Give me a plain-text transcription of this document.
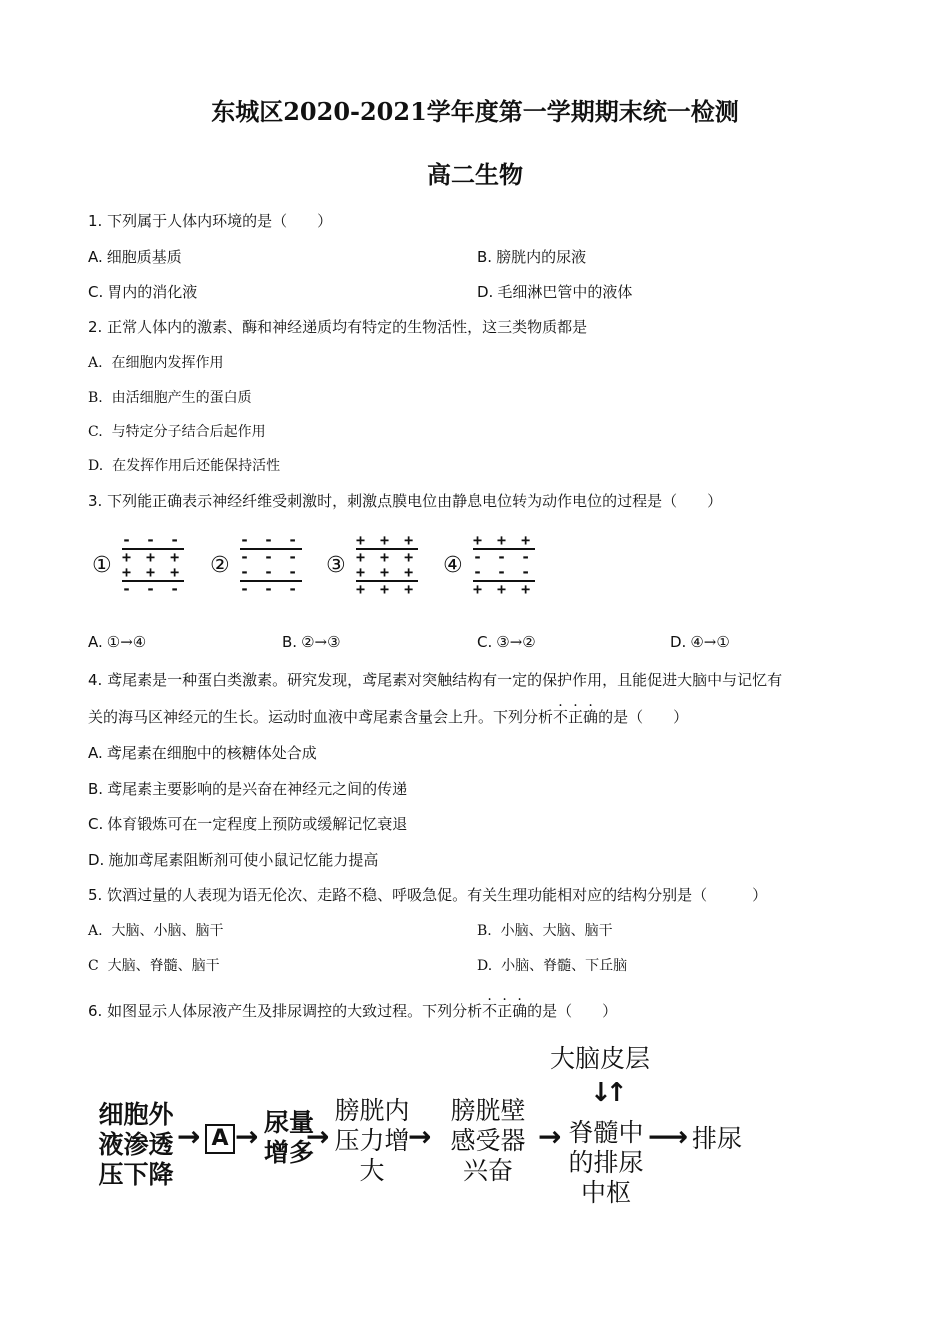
东城区2020-2021学年度第一学期期末统一检测
高二生物
1. 下列属于人体内环境的是（　　）
A. 细胞质基质	B. 膀胱内的尿液
C. 胃内的消化液	D. 毛细淋巴管中的液体
2. 正常人体内的激素、酶和神经递质均有特定的生物活性，这三类物质都是
A. 在细胞内发挥作用
B. 由活细胞产生的蛋白质
C. 与特定分子结合后起作用
D. 在发挥作用后还能保持活性
3. 下列能正确表示神经纤维受刺激时，刺激点膜电位由静息电位转为动作电位的过程是（　　）
①
- - -
+ + +
+ + +
- - -
②
- - -
- - -
- - -
- - -
③
+ + +
+ + +
+ + +
+ + +
④
+ + +
- - -
- - -
+ + +
A. ①→④	B. ②→③	C. ③→②	D. ④→①
4. 鸢尾素是一种蛋白类激素。研究发现，鸢尾素对突触结构有一定的保护作用，且能促进大脑中与记忆有
关的海马区神经元的生长。运动时血液中鸢尾素含量会上升。下列分析不正确的是（　　）
A. 鸢尾素在细胞中的核糖体处合成
B. 鸢尾素主要影响的是兴奋在神经元之间的传递
C. 体育锻炼可在一定程度上预防或缓解记忆衰退
D. 施加鸢尾素阻断剂可使小鼠记忆能力提高
5. 饮酒过量的人表现为语无伦次、走路不稳、呼吸急促。有关生理功能相对应的结构分别是（　　　）
A. 大脑、小脑、脑干	B. 小脑、大脑、脑干
C 大脑、脊髓、脑干	D. 小脑、脊髓、下丘脑
6. 如图显示人体尿液产生及排尿调控的大致过程。下列分析不正确的是（　　）
细胞外液渗透压下降
→ A → 尿量增多
→
膀胱内压力增大
→
膀胱壁感受器兴奋
→
大脑皮层
↓↑
脊髓中的排尿中枢
⟶ 排尿
